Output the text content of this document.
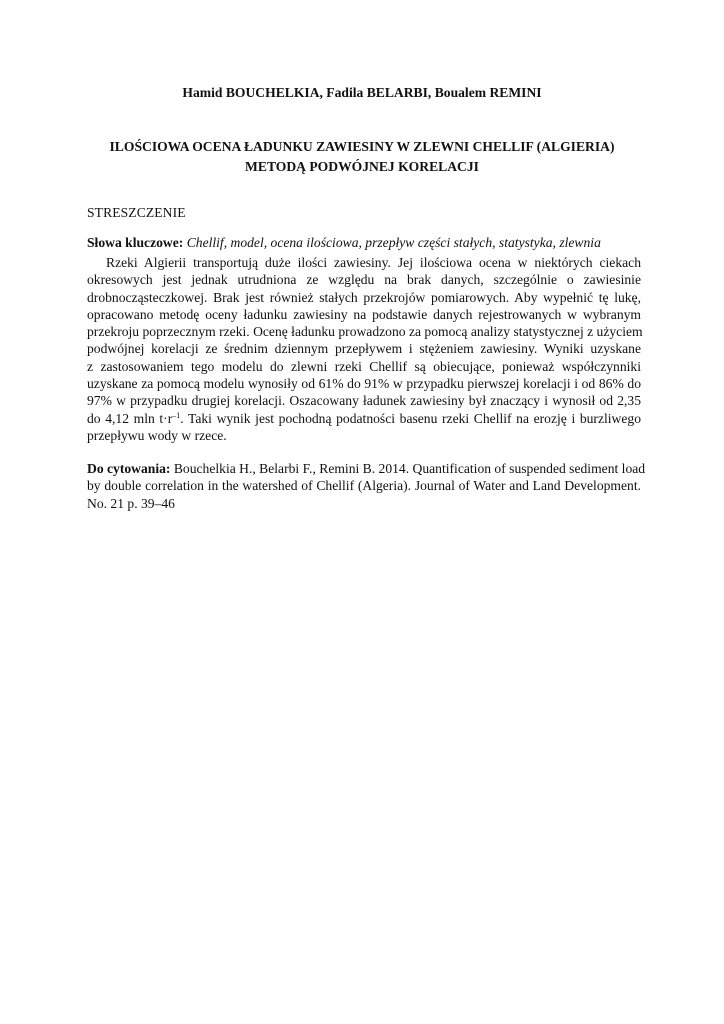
Hamid BOUCHELKIA, Fadila BELARBI, Boualem REMINI
ILOŚCIOWA OCENA ŁADUNKU ZAWIESINY W ZLEWNI CHELLIF (ALGIERIA)
METODĄ PODWÓJNEJ KORELACJI
STRESZCZENIE
Słowa kluczowe: Chellif, model, ocena ilościowa, przepływ części stałych, statystyka, zlewnia
Rzeki Algierii transportują duże ilości zawiesiny. Jej ilościowa ocena w niektórych ciekach
okresowych jest jednak utrudniona ze względu na brak danych, szczególnie o zawiesinie
drobnocząsteczkowej. Brak jest również stałych przekrojów pomiarowych. Aby wypełnić tę lukę,
opracowano metodę oceny ładunku zawiesiny na podstawie danych rejestrowanych w wybranym
przekroju poprzecznym rzeki. Ocenę ładunku prowadzono za pomocą analizy statystycznej z użyciem
podwójnej korelacji ze średnim dziennym przepływem i stężeniem zawiesiny. Wyniki uzyskane
z zastosowaniem tego modelu do zlewni rzeki Chellif są obiecujące, ponieważ współczynniki
uzyskane za pomocą modelu wynosiły od 61% do 91% w przypadku pierwszej korelacji i od 86% do
97% w przypadku drugiej korelacji. Oszacowany ładunek zawiesiny był znaczący i wynosił od 2,35
do 4,12 mln $t\cdot r^{-1}$. Taki wynik jest pochodną podatności basenu rzeki Chellif na erozję i burzliwego
przepływu wody w rzece.
Do cytowania: Bouchelkia H., Belarbi F., Remini B. 2014. Quantification of suspended sediment load
by double correlation in the watershed of Chellif (Algeria). Journal of Water and Land Development.
No. 21 p. 39–46
